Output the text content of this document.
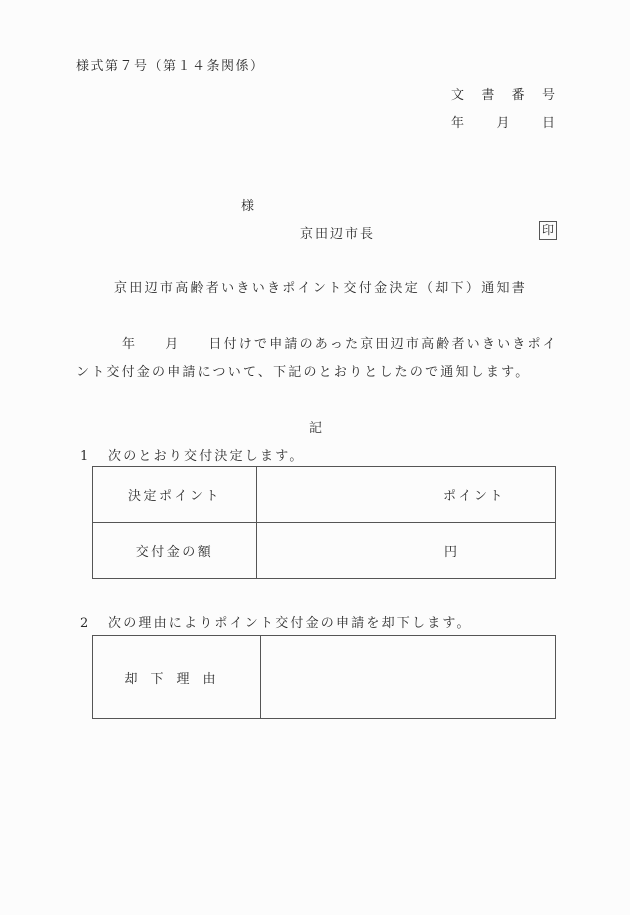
様式第７号（第１４条関係）
文 書 番 号
年 月 日
様
京田辺市長	印
京田辺市高齢者いきいきポイント交付金決定（却下）通知書
年 月 日付けで申請のあった京田辺市高齢者いきいきポイ
ント交付金の申請について、下記のとおりとしたので通知します。
記
1 次のとおり交付決定します。
決定ポイント	ポイント
交付金の額	円
2 次の理由によりポイント交付金の申請を却下します。
却下理由	
